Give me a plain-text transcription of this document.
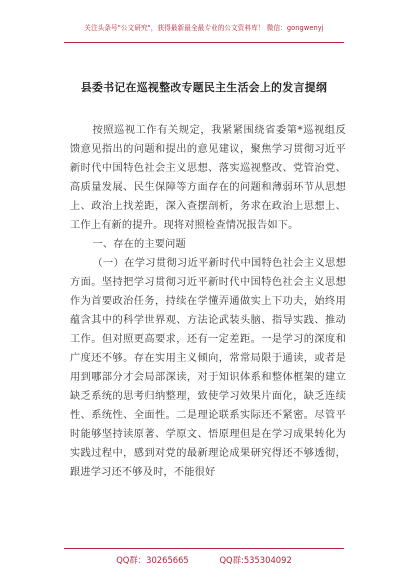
关注头条号"公文研究"，获得最新最全最专业的公文资料库！ 微信：gongwenyj
县委书记在巡视整改专题民主生活会上的发言提纲

按照巡视工作有关规定，我紧紧围绕省委第*巡视组反馈意见指出的问题和提出的意见建议，聚焦学习贯彻习近平新时代中国特色社会主义思想、落实巡视整改、党管治党、高质量发展、民生保障等方面存在的问题和薄弱环节从思想上、政治上找差距，深入查摆剖析，务求在政治上思想上、工作上有新的提升。现将对照检查情况报告如下。

一、存在的主要问题

（一）在学习贯彻习近平新时代中国特色社会主义思想方面。坚持把学习贯彻习近平新时代中国特色社会主义思想作为首要政治任务，持续在学懂弄通做实上下功夫，始终用蕴含其中的科学世界观、方法论武装头脑、指导实践、推动工作。但对照更高要求，还有一定差距。一是学习的深度和广度还不够。存在实用主义倾向，常常局限于通读，或者是用到哪部分才会局部深读，对于知识体系和整体框架的建立缺乏系统的思考归纳整理，致使学习效果片面化，缺乏连续性、系统性、全面性。二是理论联系实际还不紧密。尽管平时能够坚持读原著、学原文、悟原理但是在学习成果转化为实践过程中，感到对党的最新理论成果研究得还不够透彻，跟进学习还不够及时，不能很好

QQ群：30265665	QQ群:535304092
